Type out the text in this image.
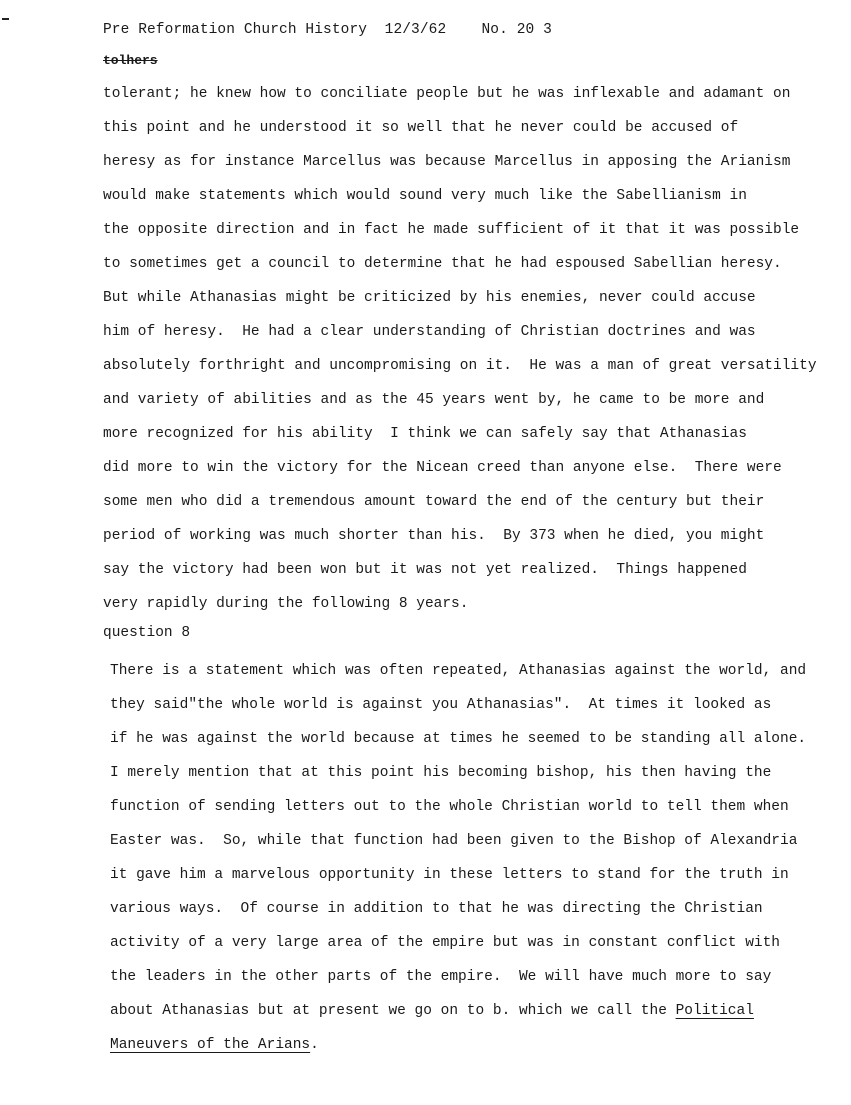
Pre Reformation Church History 12/3/62 No. 20 3
tolhers
tolerant; he knew how to conciliate people but he was inflexable and adamant on
this point and he understood it so well that he never could be accused of
heresy as for instance Marcellus was because Marcellus in apposing the Arianism
would make statements which would sound very much like the Sabellianism in
the opposite direction and in fact he made sufficient of it that it was possible
to sometimes get a council to determine that he had espoused Sabellian heresy.
But while Athanasias might be criticized by his enemies, never could accuse
him of heresy.  He had a clear understanding of Christian doctrines and was
absolutely forthright and uncompromising on it.  He was a man of great versatility
and variety of abilities and as the 45 years went by, he came to be more and
more recognized for his ability  I think we can safely say that Athanasias
did more to win the victory for the Nicean creed than anyone else.  There were
some men who did a tremendous amount toward the end of the century but their
period of working was much shorter than his.  By 373 when he died, you might
say the victory had been won but it was not yet realized.  Things happened
very rapidly during the following 8 years.
question 8
There is a statement which was often repeated, Athanasias against the world, and
they said"the whole world is against you Athanasias".  At times it looked as
if he was against the world because at times he seemed to be standing all alone.
I merely mention that at this point his becoming bishop, his then having the
function of sending letters out to the whole Christian world to tell them when
Easter was.  So, while that function had been given to the Bishop of Alexandria
it gave him a marvelous opportunity in these letters to stand for the truth in
various ways.  Of course in addition to that he was directing the Christian
activity of a very large area of the empire but was in constant conflict with
the leaders in the other parts of the empire.  We will have much more to say
about Athanasias but at present we go on to b. which we call the Political
Maneuvers of the Arians.
